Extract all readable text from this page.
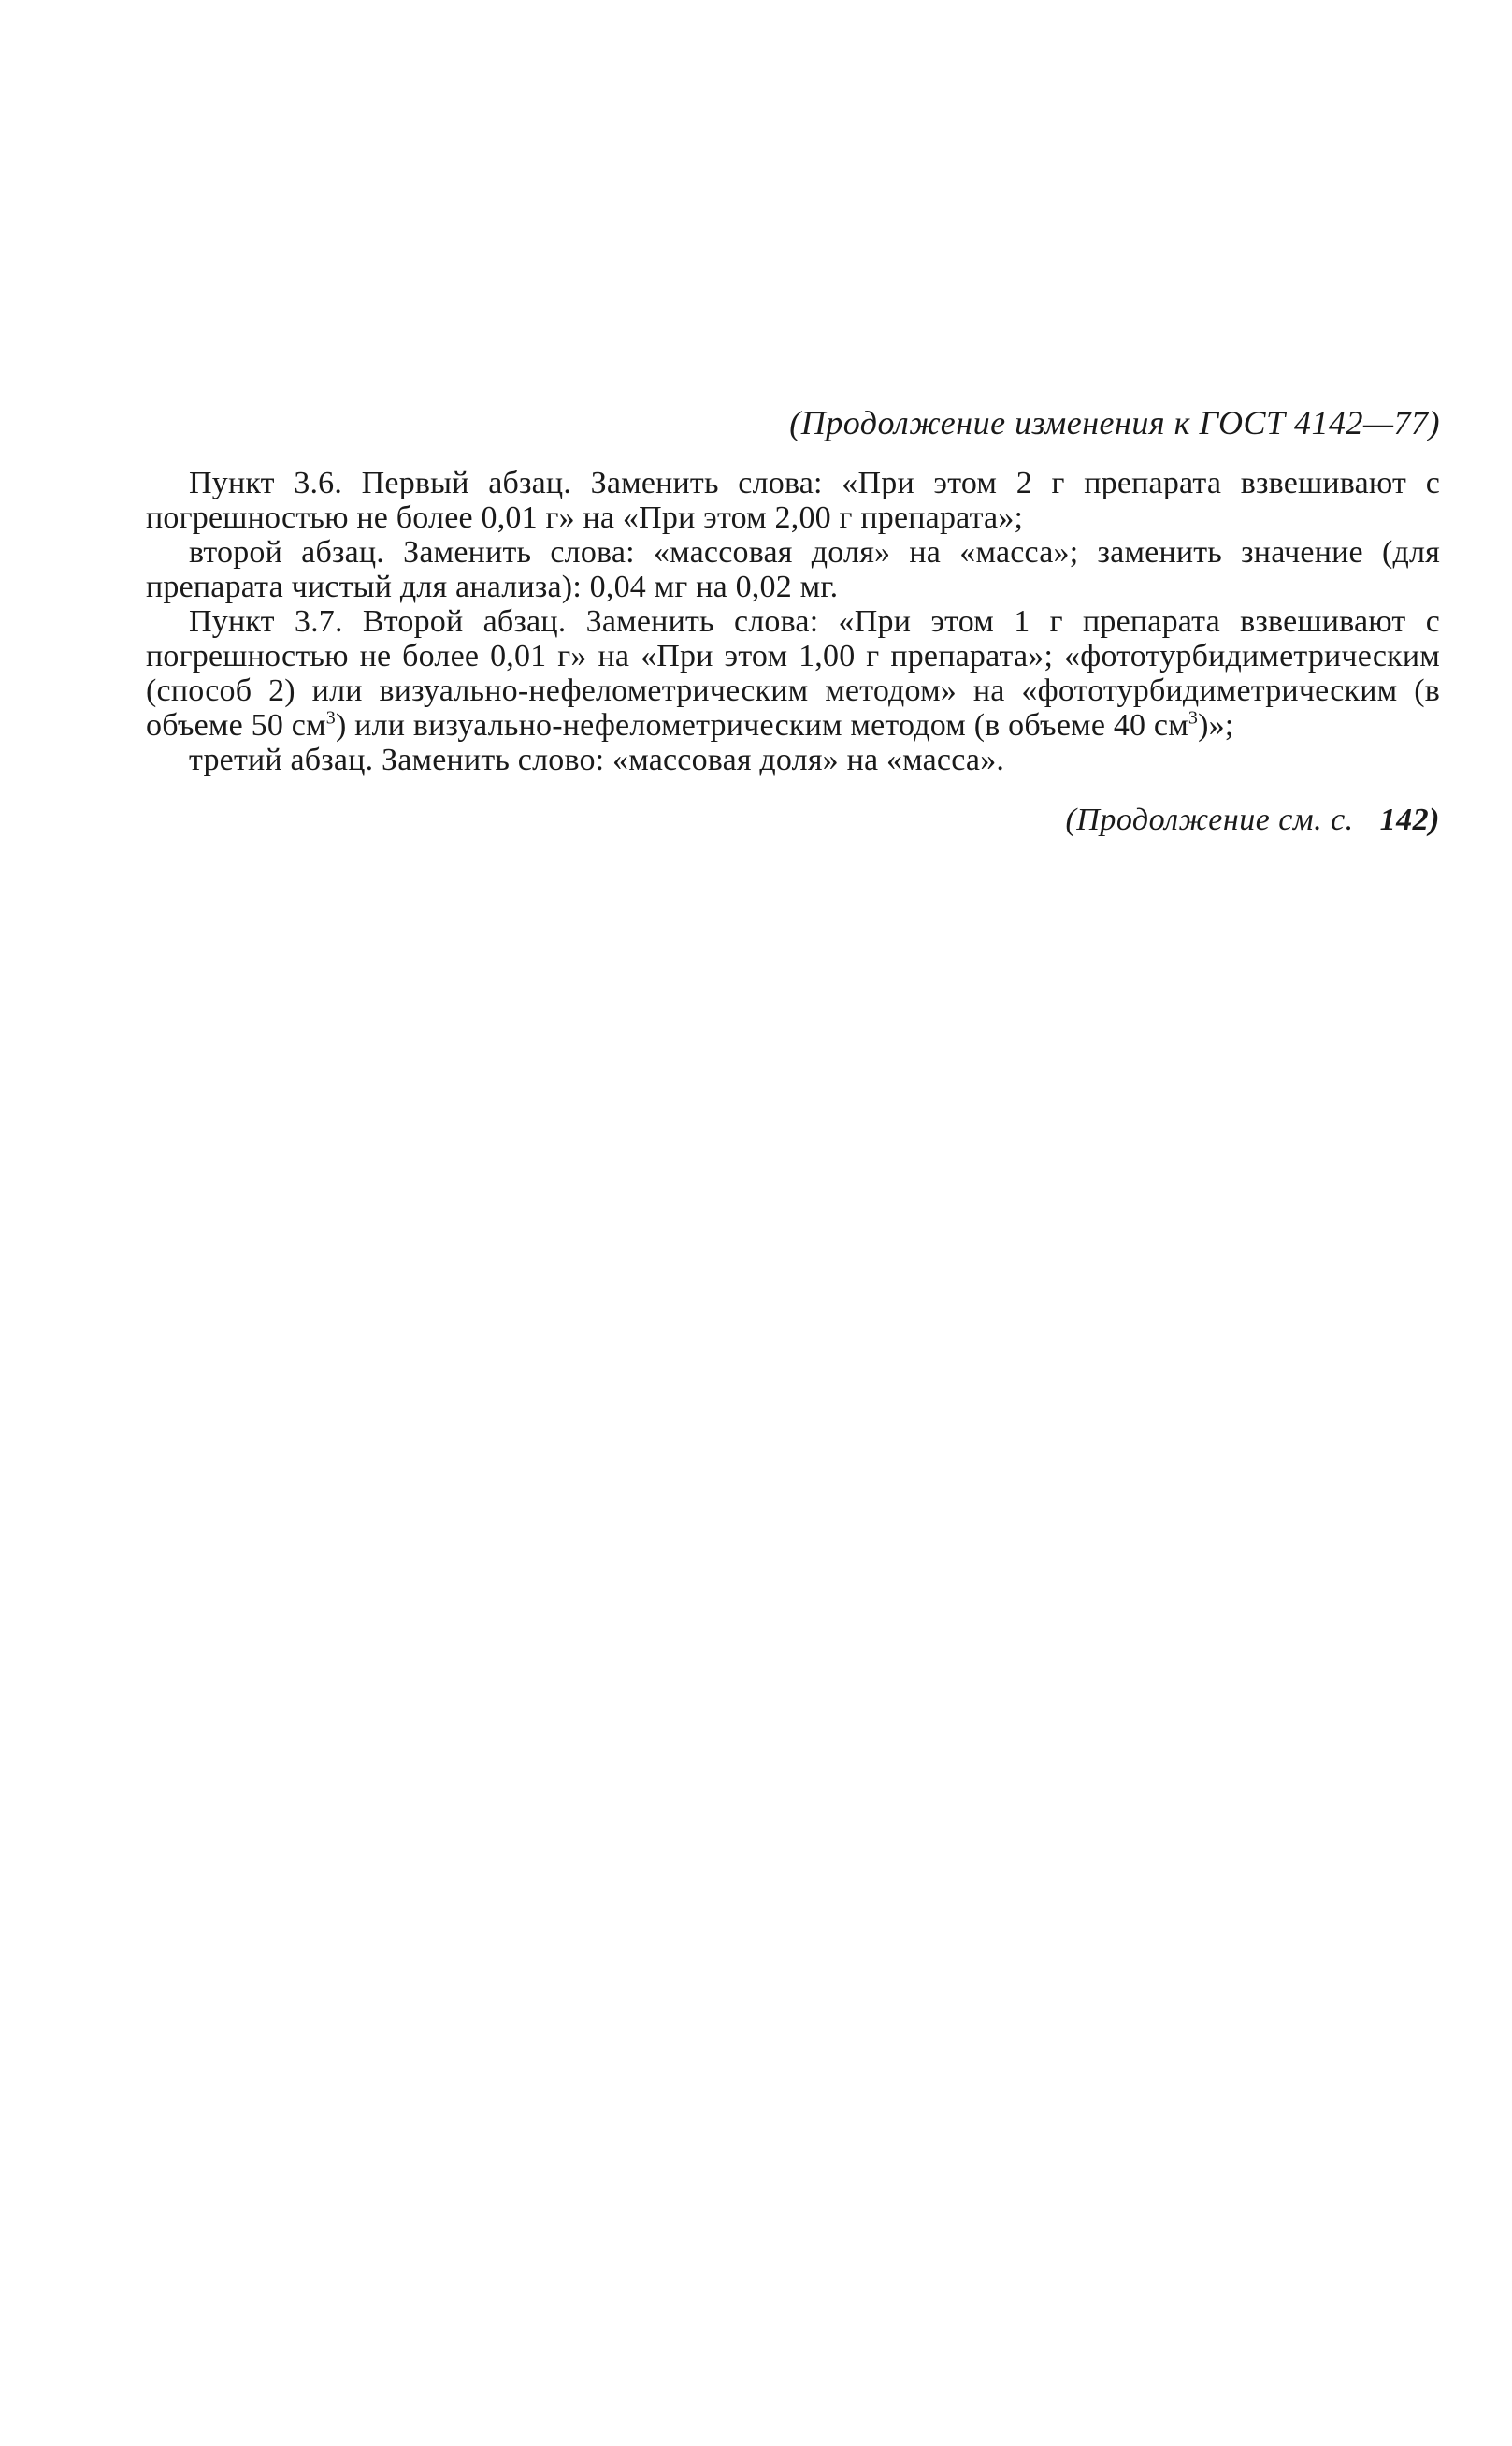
(Продолжение изменения к ГОСТ 4142—77)

Пункт 3.6. Первый абзац. Заменить слова: «При этом 2 г препарата взвешивают с погрешностью не более 0,01 г» на «При этом 2,00 г препарата»;

второй абзац. Заменить слова: «массовая доля» на «масса»; заменить значение (для препарата чистый для анализа): 0,04 мг на 0,02 мг.

Пункт 3.7. Второй абзац. Заменить слова: «При этом 1 г препарата взвешивают с погрешностью не более 0,01 г» на «При этом 1,00 г препарата»; «фототурбидиметрическим (способ 2) или визуально-нефелометрическим методом» на «фототурбидиметрическим (в объеме 50 $см^3$) или визуально-нефелометрическим методом (в объеме 40 $см^3$)»;

третий абзац. Заменить слово: «массовая доля» на «масса».

(Продолжение см. с. 142)
